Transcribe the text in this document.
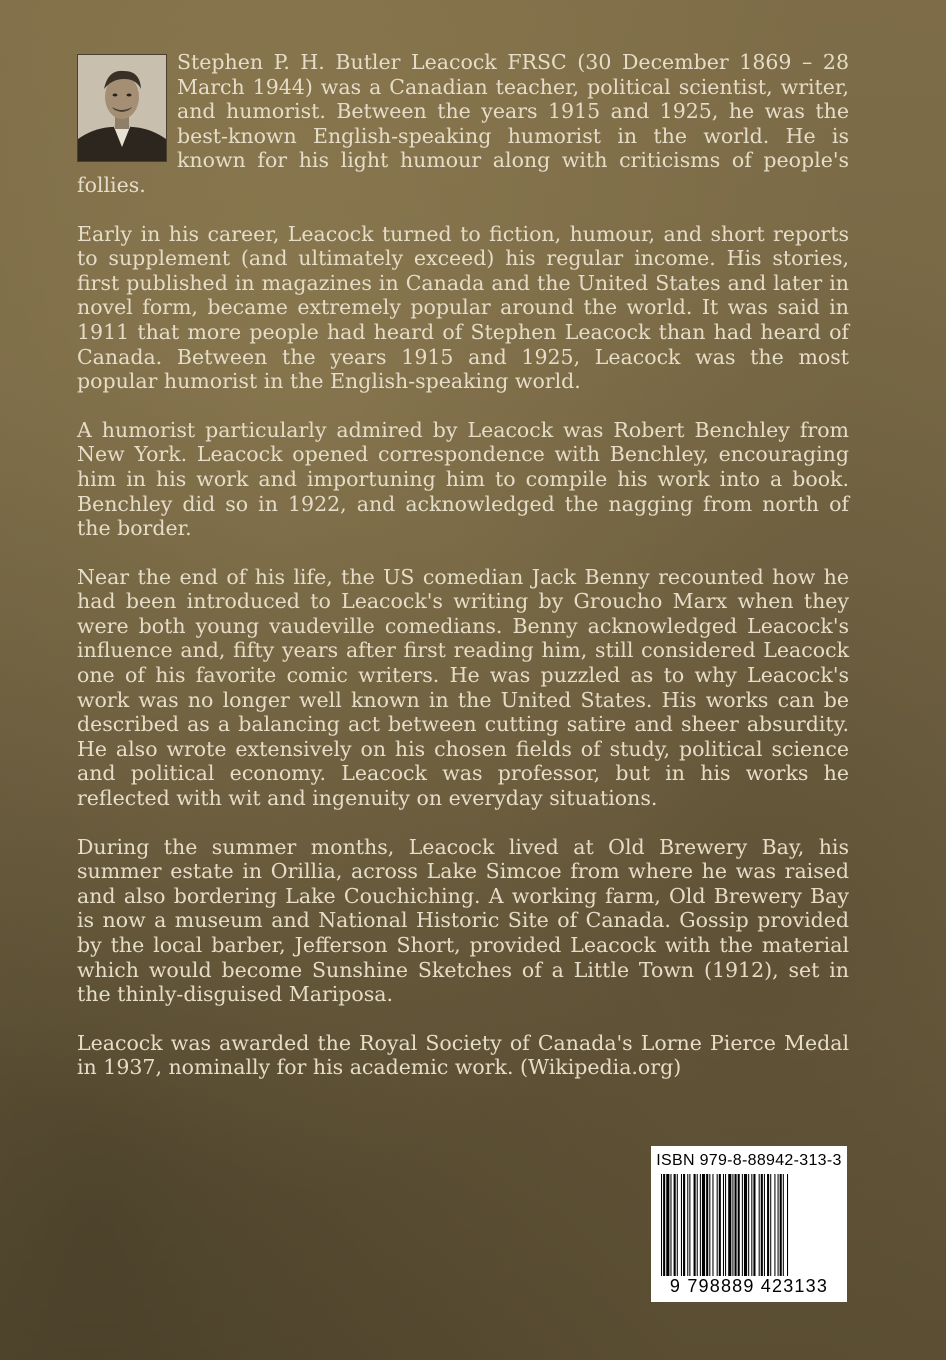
Stephen P. H. Butler Leacock FRSC (30 December 1869 – 28 March 1944) was a Canadian teacher, political scientist, writer, and humorist. Between the years 1915 and 1925, he was the best-known English-speaking humorist in the world. He is known for his light humour along with criticisms of people's follies.

Early in his career, Leacock turned to fiction, humour, and short reports to supplement (and ultimately exceed) his regular income. His stories, first published in magazines in Canada and the United States and later in novel form, became extremely popular around the world. It was said in 1911 that more people had heard of Stephen Leacock than had heard of Canada. Between the years 1915 and 1925, Leacock was the most popular humorist in the English-speaking world.

A humorist particularly admired by Leacock was Robert Benchley from New York. Leacock opened correspondence with Benchley, encouraging him in his work and importuning him to compile his work into a book. Benchley did so in 1922, and acknowledged the nagging from north of the border.

Near the end of his life, the US comedian Jack Benny recounted how he had been introduced to Leacock's writing by Groucho Marx when they were both young vaudeville comedians. Benny acknowledged Leacock's influence and, fifty years after first reading him, still considered Leacock one of his favorite comic writers. He was puzzled as to why Leacock's work was no longer well known in the United States. His works can be described as a balancing act between cutting satire and sheer absurdity. He also wrote extensively on his chosen fields of study, political science and political economy. Leacock was professor, but in his works he reflected with wit and ingenuity on everyday situations.

During the summer months, Leacock lived at Old Brewery Bay, his summer estate in Orillia, across Lake Simcoe from where he was raised and also bordering Lake Couchiching. A working farm, Old Brewery Bay is now a museum and National Historic Site of Canada. Gossip provided by the local barber, Jefferson Short, provided Leacock with the material which would become Sunshine Sketches of a Little Town (1912), set in the thinly-disguised Mariposa.

Leacock was awarded the Royal Society of Canada's Lorne Pierce Medal in 1937, nominally for his academic work. (Wikipedia.org)

ISBN 979-8-88942-313-3
9 798889 423133
